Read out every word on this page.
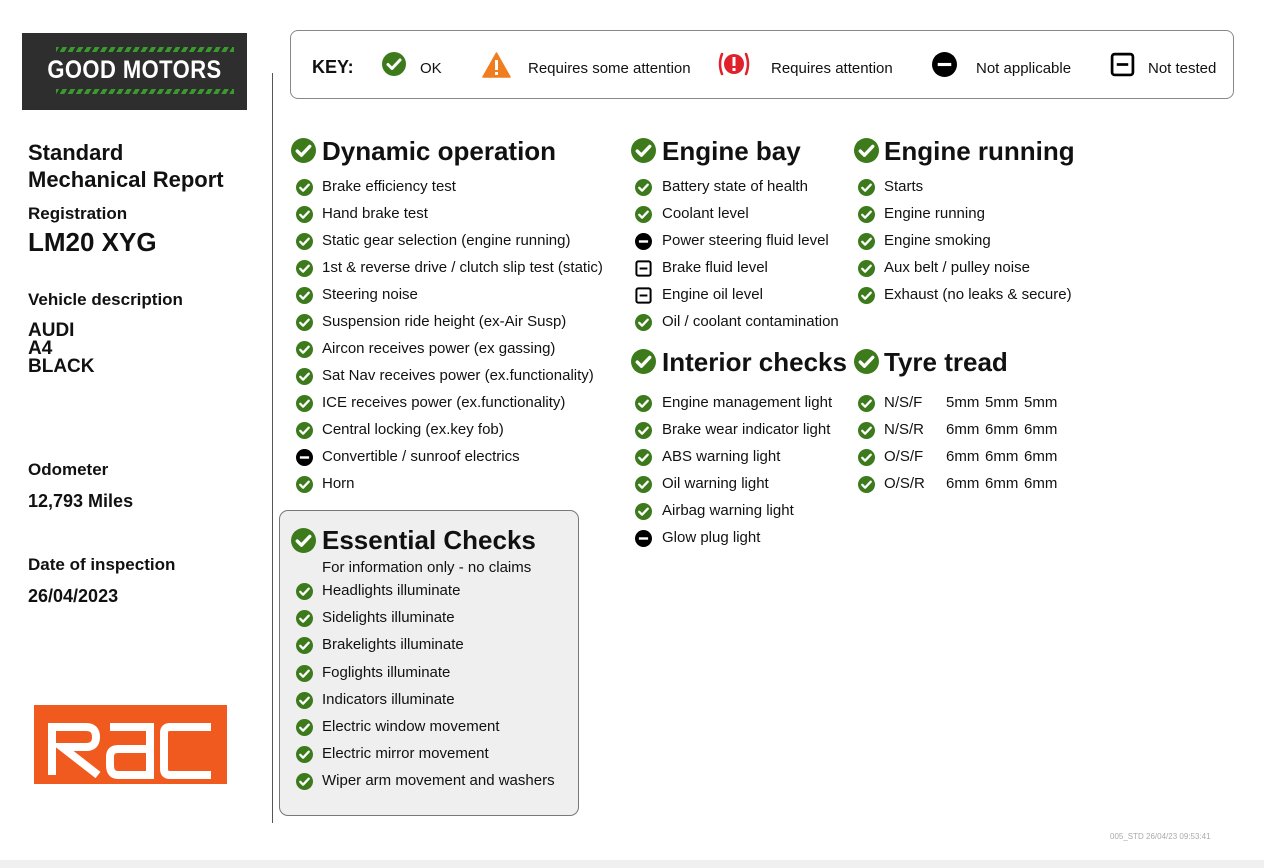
GOOD MOTORS
Standard
Mechanical Report
Registration
LM20 XYG
Vehicle description
AUDI
A4
BLACK
Odometer
12,793 Miles
Date of inspection
26/04/2023
KEY:	OK	Requires some attention	Requires attention	Not applicable	Not tested
Dynamic operation	Engine bay	Engine running
Interior checks Tyre tread
Essential Checks
For information only - no claims
Brake efficiency test
Hand brake test
Static gear selection (engine running)
1st & reverse drive / clutch slip test (static)
Steering noise
Suspension ride height (ex-Air Susp)
Aircon receives power (ex gassing)
Sat Nav receives power (ex.functionality)
ICE receives power (ex.functionality)
Central locking (ex.key fob)
Convertible / sunroof electrics
Horn
Battery state of health
Coolant level
Power steering fluid level
Brake fluid level
Engine oil level
Oil / coolant contamination
Starts
Engine running
Engine smoking
Aux belt / pulley noise
Exhaust (no leaks & secure)
Engine management light
Brake wear indicator light
ABS warning light
Oil warning light
Airbag warning light
Glow plug light
N/S/F 5mm 5mm 5mm
N/S/R 6mm 6mm 6mm
O/S/F 6mm 6mm 6mm
O/S/R 6mm 6mm 6mm
Headlights illuminate
Sidelights illuminate
Brakelights illuminate
Foglights illuminate
Indicators illuminate
Electric window movement
Electric mirror movement
Wiper arm movement and washers
005_STD 26/04/23 09:53:41
